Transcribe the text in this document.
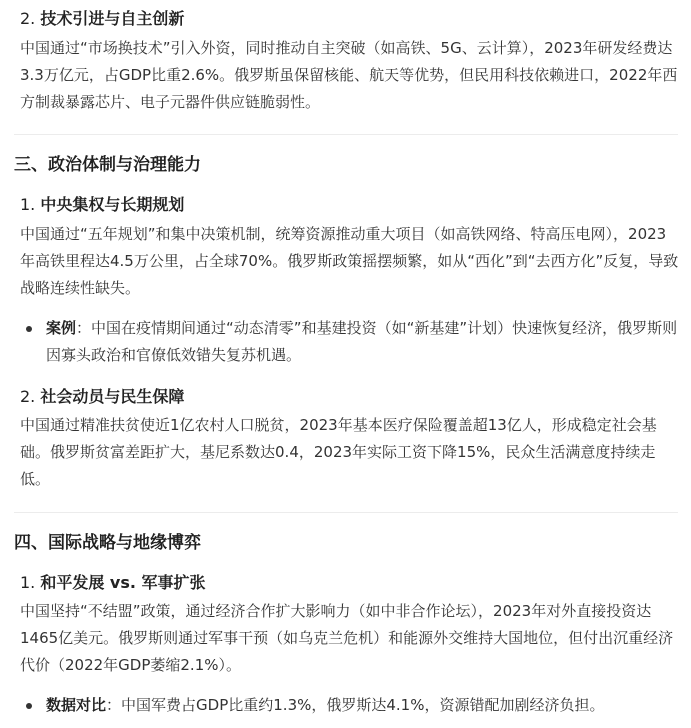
2. 技术引进与自主创新
中国通过“市场换技术”引入外资，同时推动自主突破（如高铁、5G、云计算），2023年研发经费达3.3万亿元，占GDP比重2.6%。俄罗斯虽保留核能、航天等优势，但民用科技依赖进口，2022年西方制裁暴露芯片、电子元器件供应链脆弱性。
三、政治体制与治理能力
1. 中央集权与长期规划
中国通过“五年规划”和集中决策机制，统筹资源推动重大项目（如高铁网络、特高压电网），2023年高铁里程达4.5万公里，占全球70%。俄罗斯政策摇摆频繁，如从“西化”到“去西方化”反复，导致战略连续性缺失。
案例：中国在疫情期间通过“动态清零”和基建投资（如“新基建”计划）快速恢复经济，俄罗斯则因寡头政治和官僚低效错失复苏机遇。
2. 社会动员与民生保障
中国通过精准扶贫使近1亿农村人口脱贫，2023年基本医疗保险覆盖超13亿人，形成稳定社会基础。俄罗斯贫富差距扩大，基尼系数达0.4，2023年实际工资下降15%，民众生活满意度持续走低。
四、国际战略与地缘博弈
1. 和平发展 vs. 军事扩张
中国坚持“不结盟”政策，通过经济合作扩大影响力（如中非合作论坛），2023年对外直接投资达1465亿美元。俄罗斯则通过军事干预（如乌克兰危机）和能源外交维持大国地位，但付出沉重经济代价（2022年GDP萎缩2.1%）。
数据对比：中国军费占GDP比重约1.3%，俄罗斯达4.1%，资源错配加剧经济负担。
